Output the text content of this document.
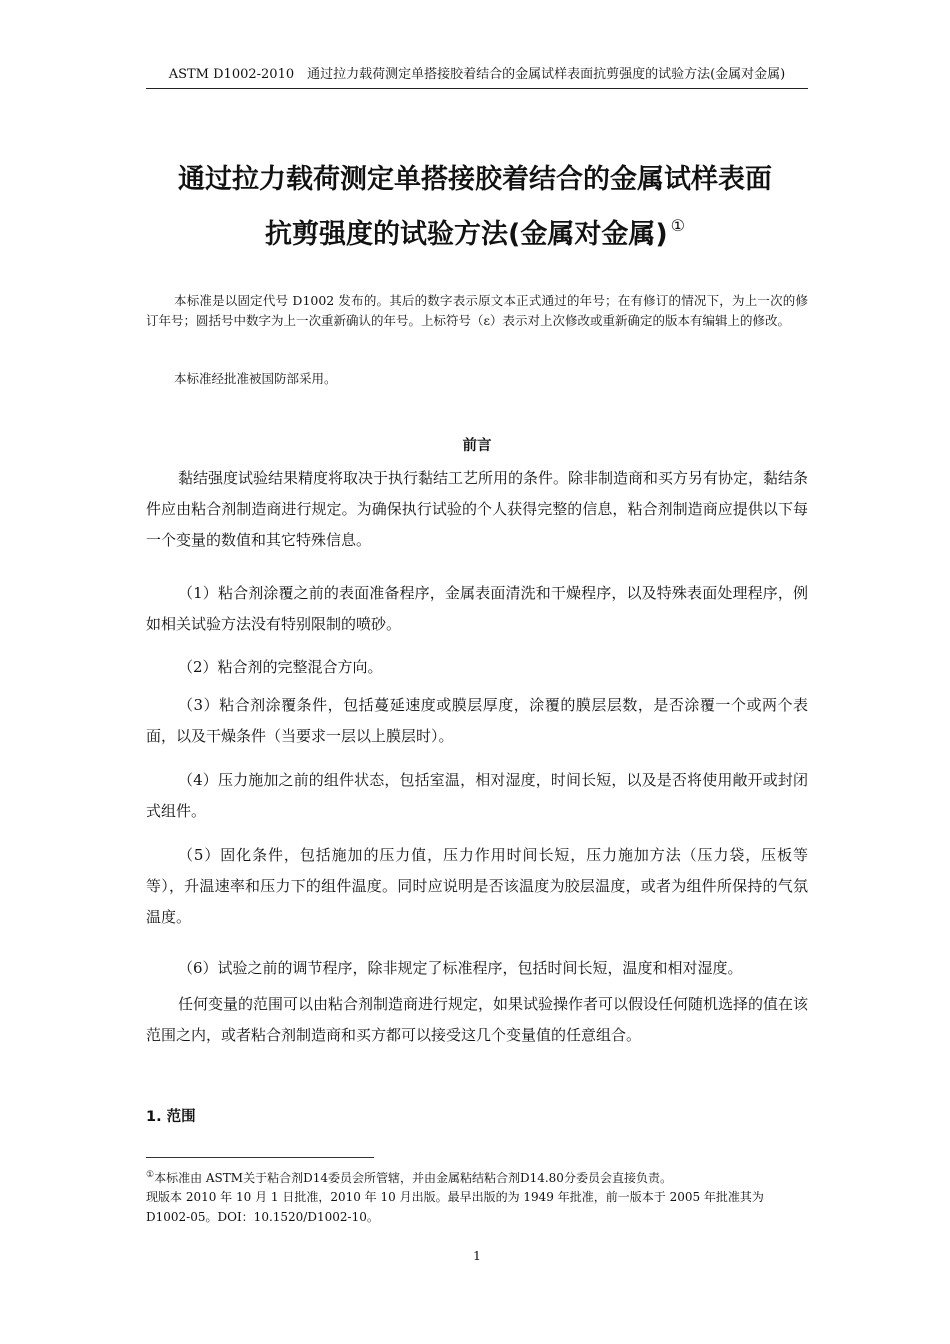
ASTM D1002-2010　通过拉力载荷测定单搭接胶着结合的金属试样表面抗剪强度的试验方法(金属对金属)
通过拉力载荷测定单搭接胶着结合的金属试样表面
抗剪强度的试验方法(金属对金属) ①
本标准是以固定代号 D1002 发布的。其后的数字表示原文本正式通过的年号；在有修订的情况下，为上一次的修订年号；圆括号中数字为上一次重新确认的年号。上标符号（ε）表示对上次修改或重新确定的版本有编辑上的修改。
本标准经批准被国防部采用。
前言

黏结强度试验结果精度将取决于执行黏结工艺所用的条件。除非制造商和买方另有协定，黏结条件应由粘合剂制造商进行规定。为确保执行试验的个人获得完整的信息，粘合剂制造商应提供以下每一个变量的数值和其它特殊信息。

（1）粘合剂涂覆之前的表面准备程序，金属表面清洗和干燥程序，以及特殊表面处理程序，例如相关试验方法没有特别限制的喷砂。

（2）粘合剂的完整混合方向。

（3）粘合剂涂覆条件，包括蔓延速度或膜层厚度，涂覆的膜层层数，是否涂覆一个或两个表面，以及干燥条件（当要求一层以上膜层时）。

（4）压力施加之前的组件状态，包括室温，相对湿度，时间长短，以及是否将使用敞开或封闭式组件。

（5）固化条件，包括施加的压力值，压力作用时间长短，压力施加方法（压力袋，压板等等），升温速率和压力下的组件温度。同时应说明是否该温度为胶层温度，或者为组件所保持的气氛温度。

（6）试验之前的调节程序，除非规定了标准程序，包括时间长短，温度和相对湿度。

任何变量的范围可以由粘合剂制造商进行规定，如果试验操作者可以假设任何随机选择的值在该范围之内，或者粘合剂制造商和买方都可以接受这几个变量值的任意组合。

1. 范围
①本标准由 ASTM关于粘合剂D14委员会所管辖，并由金属粘结粘合剂D14.80分委员会直接负责。
现版本 2010 年 10 月 1 日批准，2010 年 10 月出版。最早出版的为 1949 年批准，前一版本于 2005 年批准其为 D1002-05。DOI：10.1520/D1002-10。
1
